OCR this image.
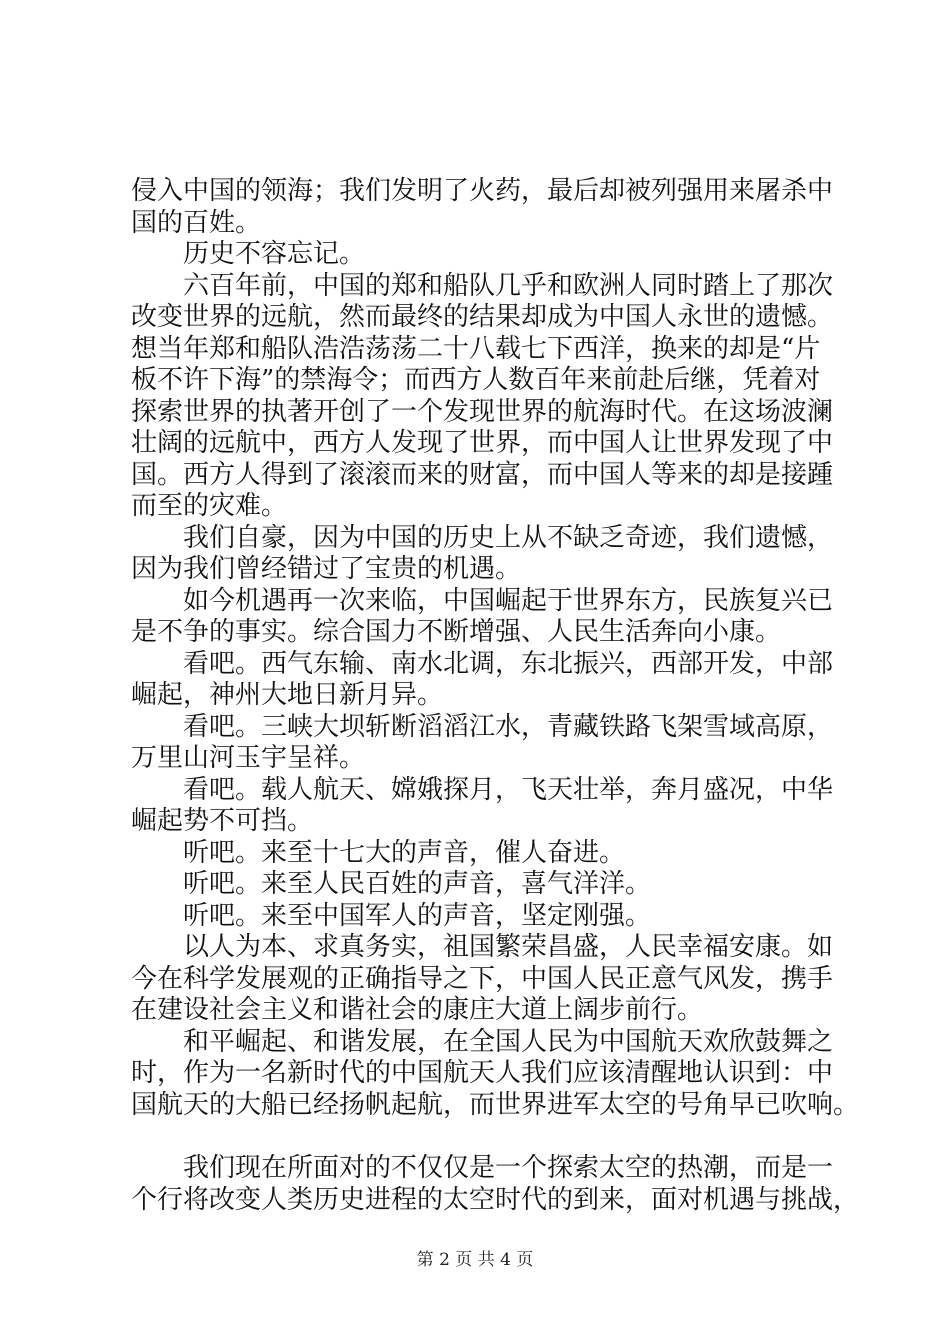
侵入中国的领海；我们发明了火药，最后却被列强用来屠杀中

国的百姓。

　　历史不容忘记。

　　六百年前，中国的郑和船队几乎和欧洲人同时踏上了那次

改变世界的远航，然而最终的结果却成为中国人永世的遗憾。

想当年郑和船队浩浩荡荡二十八载七下西洋，换来的却是“片

板不许下海”的禁海令；而西方人数百年来前赴后继，凭着对

探索世界的执著开创了一个发现世界的航海时代。在这场波澜

壮阔的远航中，西方人发现了世界，而中国人让世界发现了中

国。西方人得到了滚滚而来的财富，而中国人等来的却是接踵

而至的灾难。

　　我们自豪，因为中国的历史上从不缺乏奇迹，我们遗憾，

因为我们曾经错过了宝贵的机遇。

　　如今机遇再一次来临，中国崛起于世界东方，民族复兴已

是不争的事实。综合国力不断增强、人民生活奔向小康。

　　看吧。西气东输、南水北调，东北振兴，西部开发，中部

崛起，神州大地日新月异。

　　看吧。三峡大坝斩断滔滔江水，青藏铁路飞架雪域高原，

万里山河玉宇呈祥。

　　看吧。载人航天、嫦娥探月，飞天壮举，奔月盛况，中华

崛起势不可挡。

　　听吧。来至十七大的声音，催人奋进。

　　听吧。来至人民百姓的声音，喜气洋洋。

　　听吧。来至中国军人的声音，坚定刚强。

　　以人为本、求真务实，祖国繁荣昌盛，人民幸福安康。如

今在科学发展观的正确指导之下，中国人民正意气风发，携手

在建设社会主义和谐社会的康庄大道上阔步前行。

　　和平崛起、和谐发展，在全国人民为中国航天欢欣鼓舞之

时，作为一名新时代的中国航天人我们应该清醒地认识到：中

国航天的大船已经扬帆起航，而世界进军太空的号角早已吹响。

　　我们现在所面对的不仅仅是一个探索太空的热潮，而是一

个行将改变人类历史进程的太空时代的到来，面对机遇与挑战，

第 2 页 共 4 页
